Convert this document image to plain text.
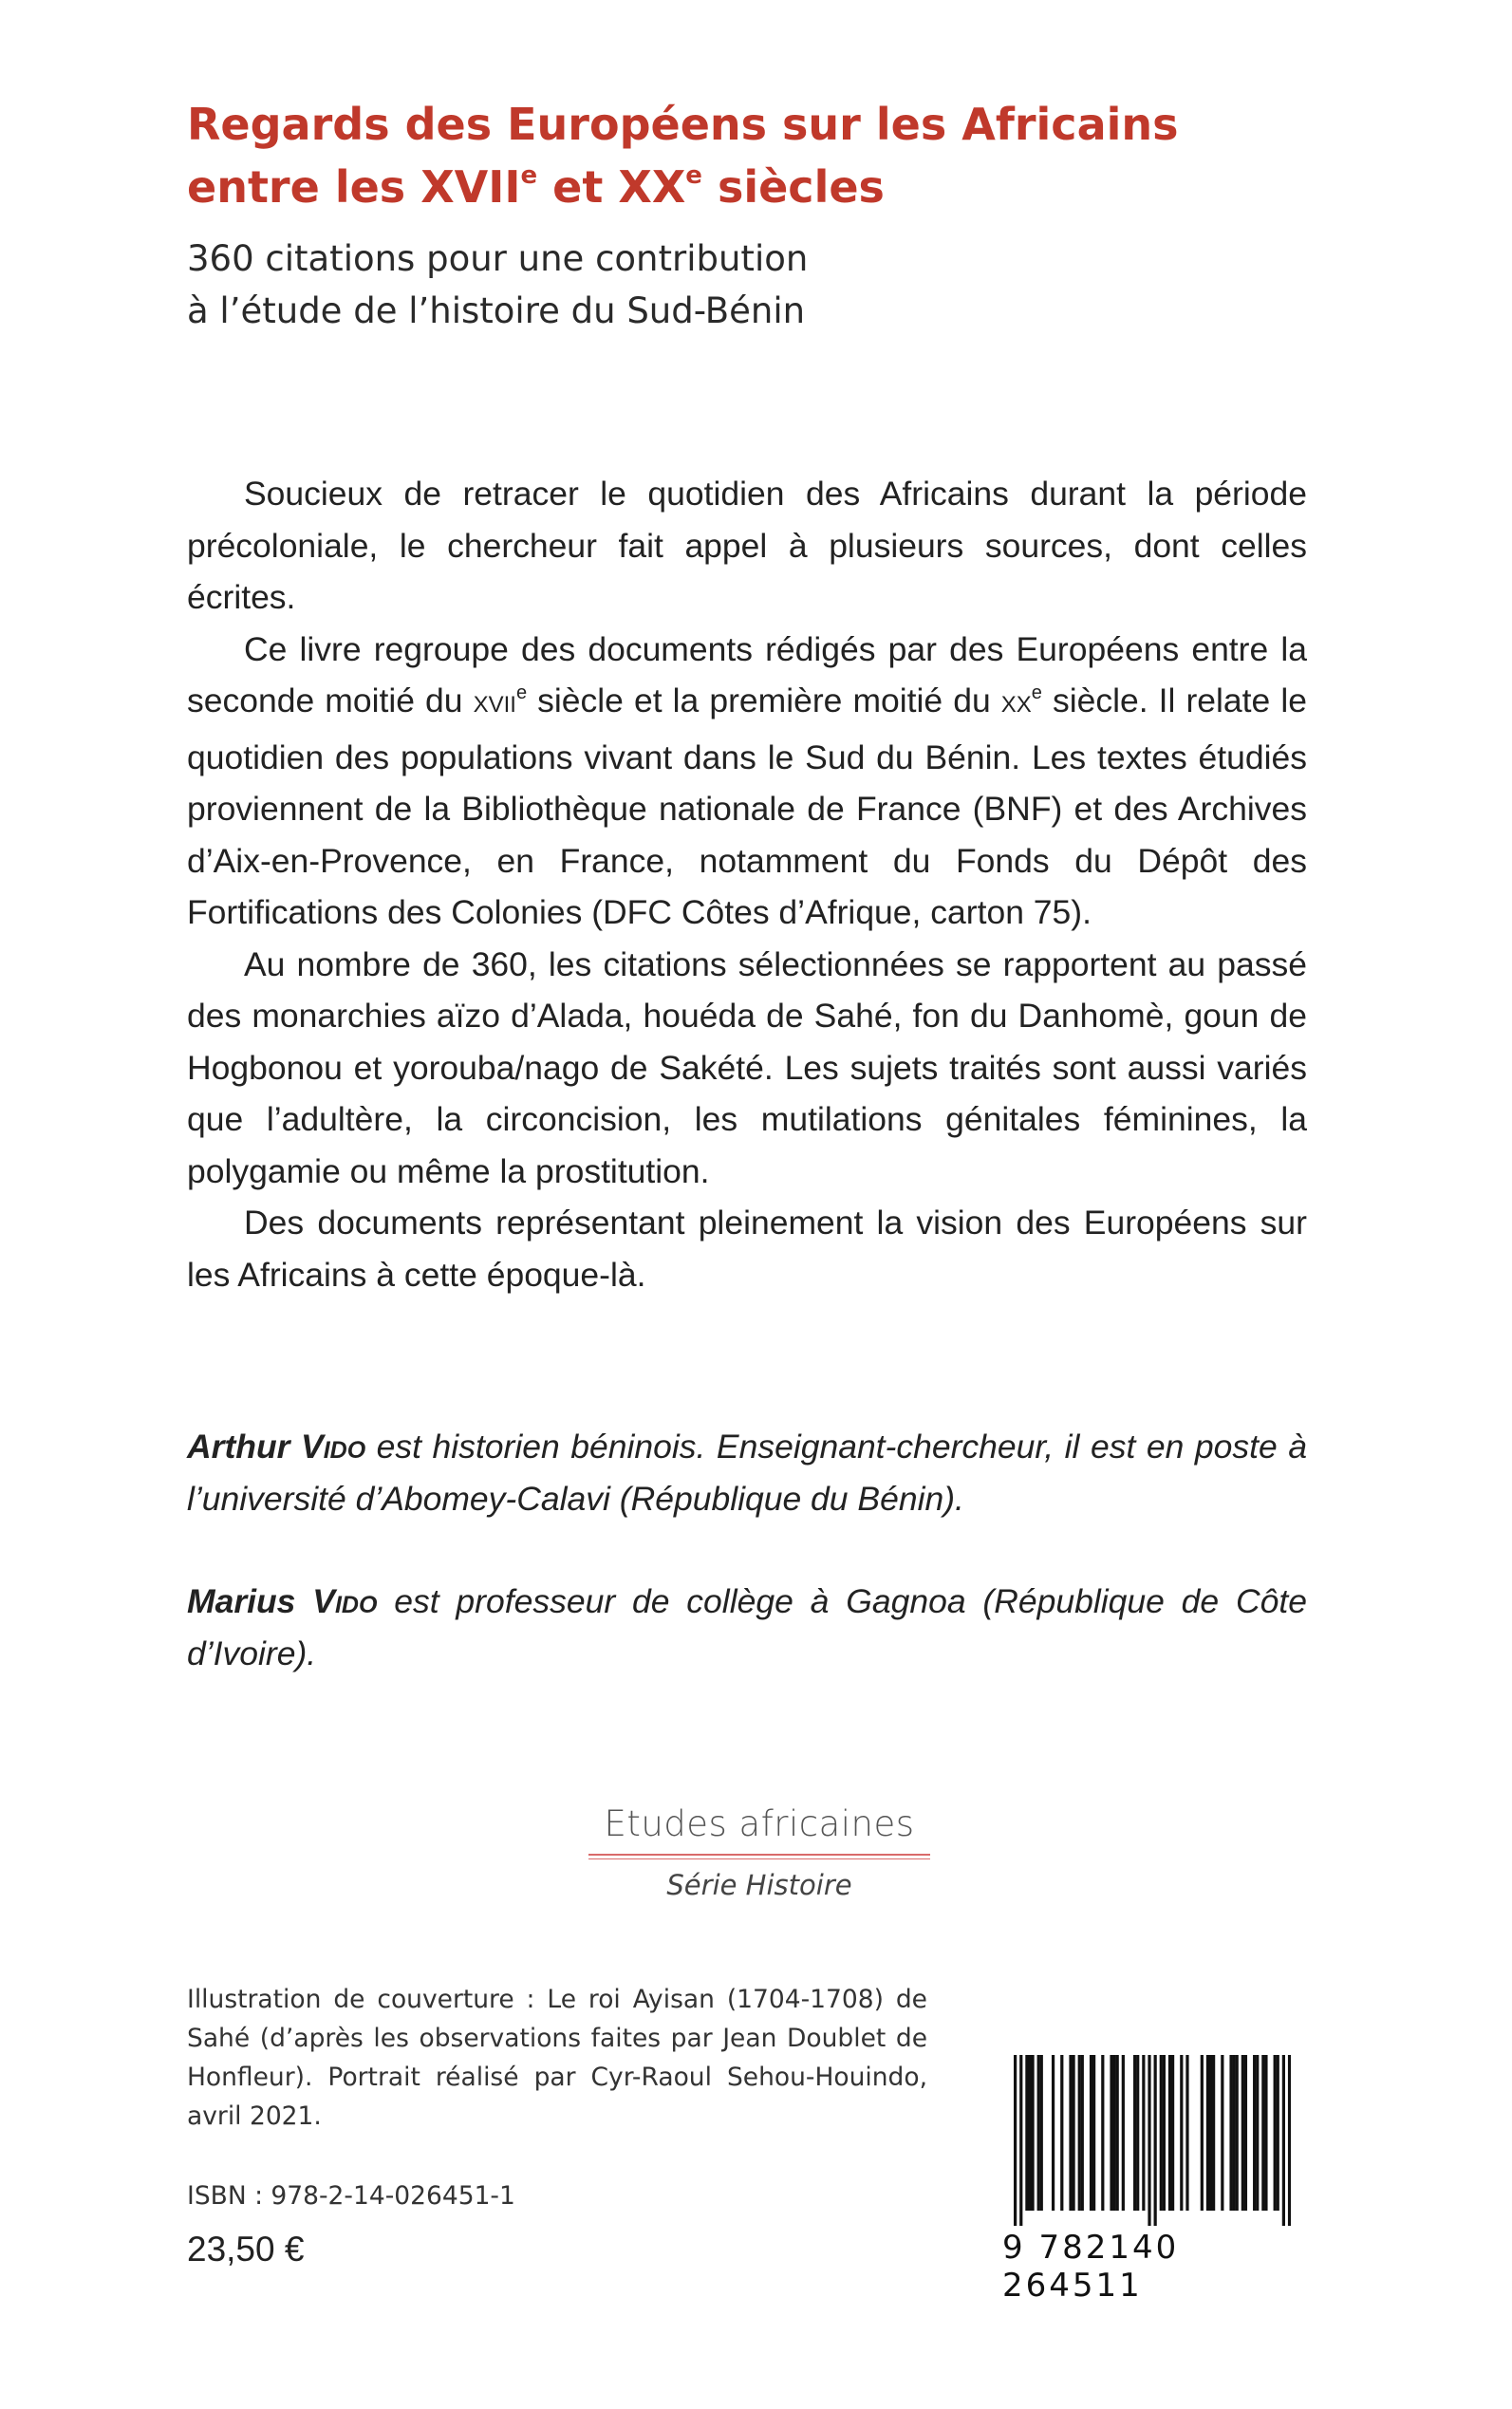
Regards des Européens sur les Africains
entre les XVIIe et XXe siècles

360 citations pour une contribution
à l’étude de l’histoire du Sud-Bénin

Soucieux de retracer le quotidien des Africains durant la période précoloniale, le chercheur fait appel à plusieurs sources, dont celles écrites.

Ce livre regroupe des documents rédigés par des Européens entre la seconde moitié du XVIIe siècle et la première moitié du XXe siècle. Il relate le quotidien des populations vivant dans le Sud du Bénin. Les textes étudiés proviennent de la Bibliothèque nationale de France (BNF) et des Archives d’Aix-en-Provence, en France, notamment du Fonds du Dépôt des Fortifications des Colonies (DFC Côtes d’Afrique, carton 75).

Au nombre de 360, les citations sélectionnées se rapportent au passé des monarchies aïzo d’Alada, houéda de Sahé, fon du Danhomè, goun de Hogbonou et yorouba/nago de Sakété. Les sujets traités sont aussi variés que l’adultère, la circoncision, les mutilations génitales féminines, la polygamie ou même la prostitution.

Des documents représentant pleinement la vision des Européens sur les Africains à cette époque-là.

Arthur Vido est historien béninois. Enseignant-chercheur, il est en poste à l’université d’Abomey-Calavi (République du Bénin).

Marius Vido est professeur de collège à Gagnoa (République de Côte d’Ivoire).

Etudes africaines
Série Histoire

Illustration de couverture : Le roi Ayisan (1704-1708) de Sahé (d’après les observations faites par Jean Doublet de Honfleur). Portrait réalisé par Cyr-Raoul Sehou-Houindo, avril 2021.

ISBN : 978-2-14-026451-1
23,50 €	9 782140 264511
